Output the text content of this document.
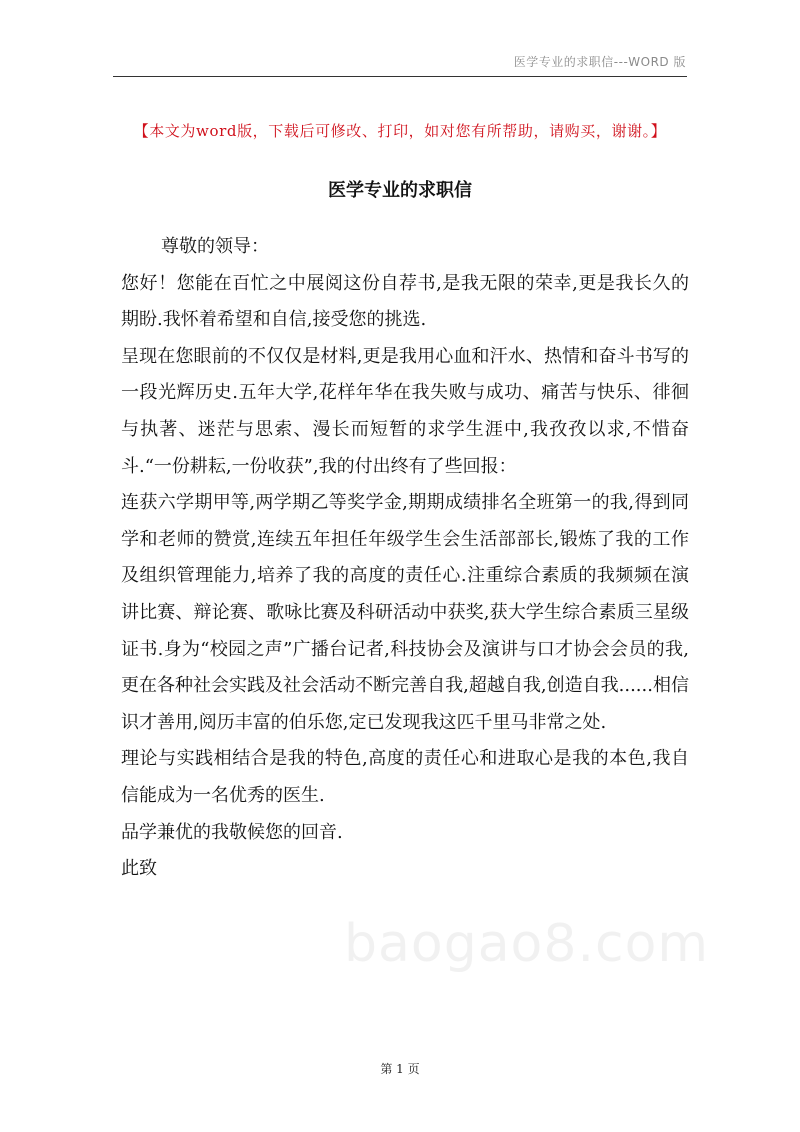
医学专业的求职信---WORD 版
【本文为word版，下载后可修改、打印，如对您有所帮助，请购买，谢谢。】
医学专业的求职信

尊敬的领导：

您好！您能在百忙之中展阅这份自荐书,是我无限的荣幸,更是我长久的期盼.我怀着希望和自信,接受您的挑选.

呈现在您眼前的不仅仅是材料,更是我用心血和汗水、热情和奋斗书写的一段光辉历史.五年大学,花样年华在我失败与成功、痛苦与快乐、徘徊与执著、迷茫与思索、漫长而短暂的求学生涯中,我孜孜以求,不惜奋斗.“一份耕耘,一份收获”,我的付出终有了些回报：

连获六学期甲等,两学期乙等奖学金,期期成绩排名全班第一的我,得到同学和老师的赞赏,连续五年担任年级学生会生活部部长,锻炼了我的工作及组织管理能力,培养了我的高度的责任心.注重综合素质的我频频在演讲比赛、辩论赛、歌咏比赛及科研活动中获奖,获大学生综合素质三星级证书.身为“校园之声”广播台记者,科技协会及演讲与口才协会会员的我,更在各种社会实践及社会活动不断完善自我,超越自我,创造自我......相信识才善用,阅历丰富的伯乐您,定已发现我这匹千里马非常之处.

理论与实践相结合是我的特色,高度的责任心和进取心是我的本色,我自信能成为一名优秀的医生.

品学兼优的我敬候您的回音.

此致

baogao8.com
第 1 页
